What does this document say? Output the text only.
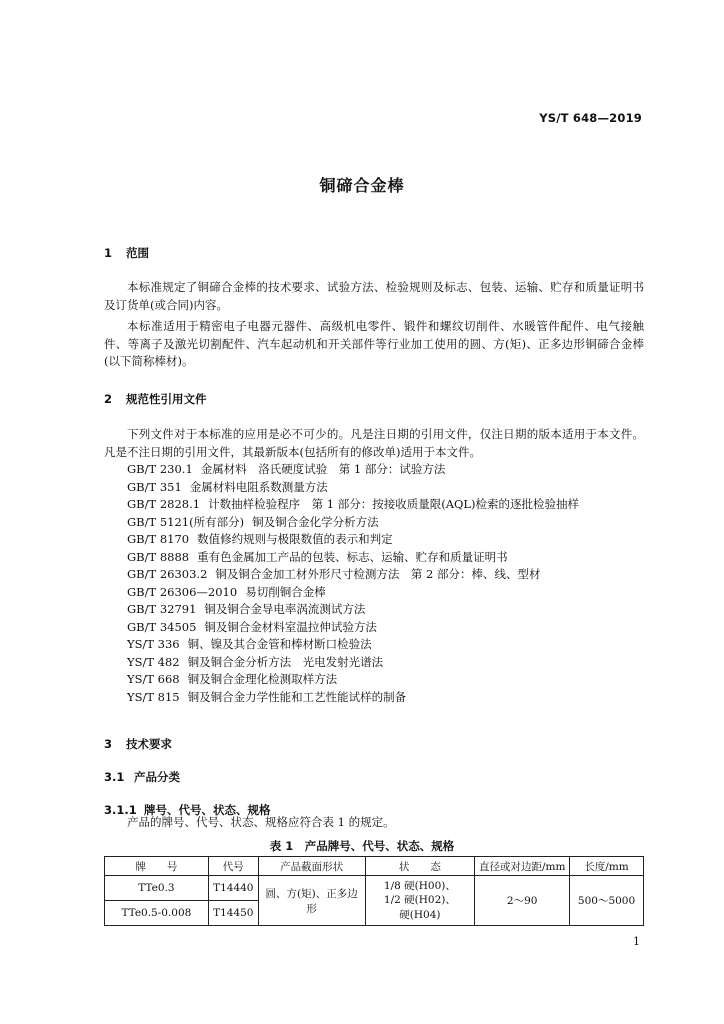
YS/T 648—2019
铜碲合金棒
1 范围
本标准规定了铜碲合金棒的技术要求、试验方法、检验规则及标志、包装、运输、贮存和质量证明书及订货单(或合同)内容。
本标准适用于精密电子电器元器件、高级机电零件、锻件和螺纹切削件、水暖管件配件、电气接触件、等离子及激光切割配件、汽车起动机和开关部件等行业加工使用的圆、方(矩)、正多边形铜碲合金棒(以下简称棒材)。
2 规范性引用文件
下列文件对于本标准的应用是必不可少的。凡是注日期的引用文件，仅注日期的版本适用于本文件。凡是不注日期的引用文件，其最新版本(包括所有的修改单)适用于本文件。
GB/T 230.1 金属材料　洛氏硬度试验　第 1 部分：试验方法
GB/T 351 金属材料电阻系数测量方法
GB/T 2828.1 计数抽样检验程序　第 1 部分：按接收质量限(AQL)检索的逐批检验抽样
GB/T 5121(所有部分) 铜及铜合金化学分析方法
GB/T 8170 数值修约规则与极限数值的表示和判定
GB/T 8888 重有色金属加工产品的包装、标志、运输、贮存和质量证明书
GB/T 26303.2 铜及铜合金加工材外形尺寸检测方法　第 2 部分：棒、线、型材
GB/T 26306—2010 易切削铜合金棒
GB/T 32791 铜及铜合金导电率涡流测试方法
GB/T 34505 铜及铜合金材料室温拉伸试验方法
YS/T 336 铜、镍及其合金管和棒材断口检验法
YS/T 482 铜及铜合金分析方法　光电发射光谱法
YS/T 668 铜及铜合金理化检测取样方法
YS/T 815 铜及铜合金力学性能和工艺性能试样的制备
3 技术要求
3.1 产品分类
3.1.1 牌号、代号、状态、规格
产品的牌号、代号、状态、规格应符合表 1 的规定。
表 1　产品牌号、代号、状态、规格
牌　　号	代号	产品截面形状	状　　态	直径或对边距/mm	长度/mm
TTe0.3	T14440	圆、方(矩)、正多边形	1/8 硬(H00)、
1/2 硬(H02)、
硬(H04)	2～90	500～5000
TTe0.5-0.008	T14450				
1
